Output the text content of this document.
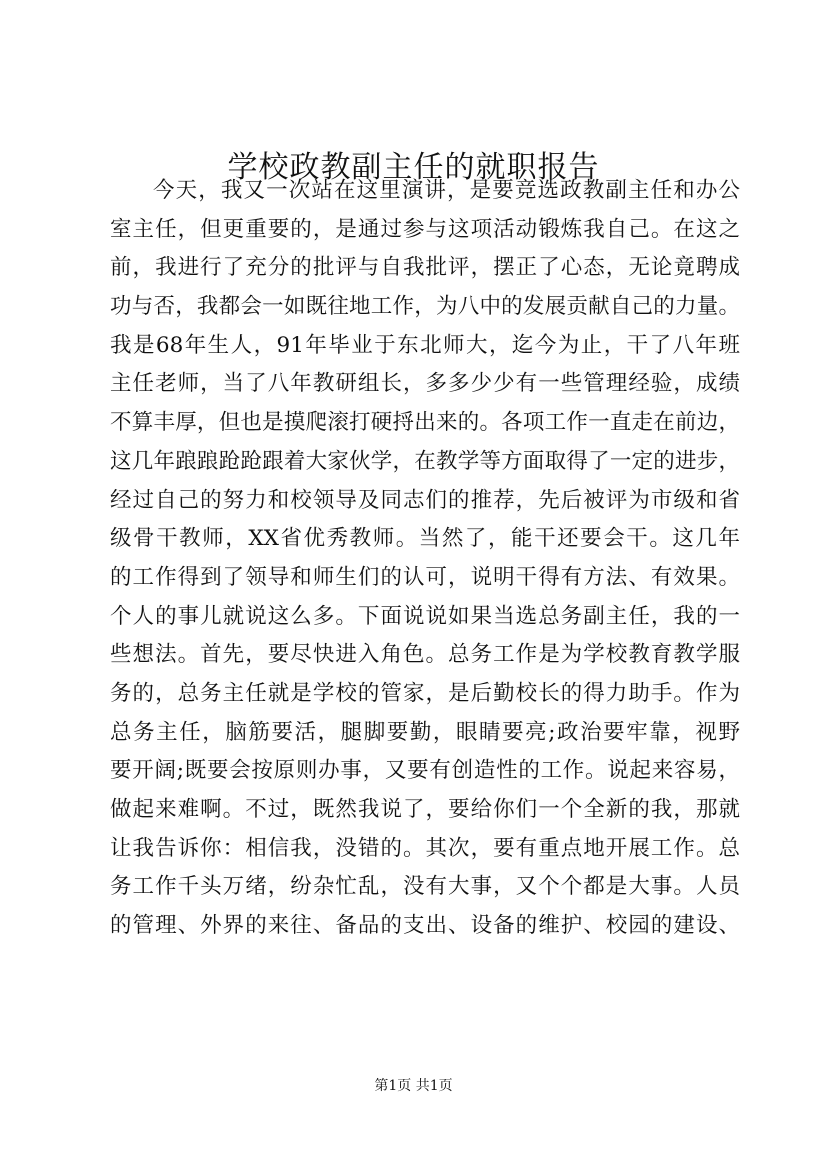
学校政教副主任的就职报告
今天，我又一次站在这里演讲，是要竞选政教副主任和办公
室主任，但更重要的，是通过参与这项活动锻炼我自己。在这之
前，我进行了充分的批评与自我批评，摆正了心态，无论竟聘成
功与否，我都会一如既往地工作，为八中的发展贡献自己的力量。
我是68年生人，91年毕业于东北师大，迄今为止，干了八年班
主任老师，当了八年教研组长，多多少少有一些管理经验，成绩
不算丰厚，但也是摸爬滚打硬捋出来的。各项工作一直走在前边，
这几年踉踉跄跄跟着大家伙学，在教学等方面取得了一定的进步，
经过自己的努力和校领导及同志们的推荐，先后被评为市级和省
级骨干教师，XX省优秀教师。当然了，能干还要会干。这几年
的工作得到了领导和师生们的认可，说明干得有方法、有效果。
个人的事儿就说这么多。下面说说如果当选总务副主任，我的一
些想法。首先，要尽快进入角色。总务工作是为学校教育教学服
务的，总务主任就是学校的管家，是后勤校长的得力助手。作为
总务主任，脑筋要活，腿脚要勤，眼睛要亮;政治要牢靠，视野
要开阔;既要会按原则办事，又要有创造性的工作。说起来容易，
做起来难啊。不过，既然我说了，要给你们一个全新的我，那就
让我告诉你：相信我，没错的。其次，要有重点地开展工作。总
务工作千头万绪，纷杂忙乱，没有大事，又个个都是大事。人员
的管理、外界的来往、备品的支出、设备的维护、校园的建设、
第1页 共1页
